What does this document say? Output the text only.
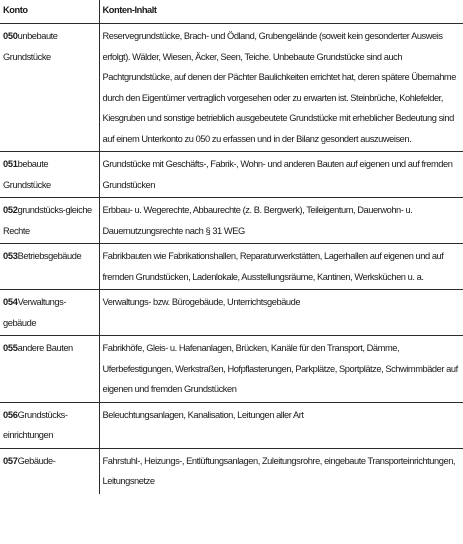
Konto	Konten-Inhalt
050unbebaute Grundstücke	Reservegrundstücke, Brach- und Ödland, Grubengelände (soweit kein gesonderter Ausweis erfolgt). Wälder, Wiesen, Äcker, Seen, Teiche. Unbebaute Grundstücke sind auch Pachtgrundstücke, auf denen der Pächter Baulichkeiten errichtet hat, deren spätere Übernahme durch den Eigentümer vertraglich vorgesehen oder zu erwarten ist. Steinbrüche, Kohlefelder, Kiesgruben und sonstige betrieblich ausgebeutete Grundstücke mit erheblicher Bedeutung sind auf einem Unterkonto zu 050 zu erfassen und in der Bilanz gesondert auszuweisen.
051bebaute Grundstücke	Grundstücke mit Geschäfts-, Fabrik-, Wohn- und anderen Bauten auf eigenen und auf fremden Grundstücken
052grundstücks-gleiche Rechte	Erbbau- u. Wegerechte, Abbaurechte (z. B. Bergwerk), Teileigentum, Dauerwohn- u. Dauernutzungsrechte nach § 31 WEG
053Betriebsgebäude	Fabrikbauten wie Fabrikationshallen, Reparaturwerkstätten, Lagerhallen auf eigenen und auf fremden Grundstücken, Ladenlokale, Ausstellungsräume, Kantinen, Werksküchen u. a.
054Verwaltungs-gebäude	Verwaltungs- bzw. Bürogebäude, Unterrichtsgebäude
055andere Bauten	Fabrikhöfe, Gleis- u. Hafenanlagen, Brücken, Kanäle für den Transport, Dämme, Uferbefestigungen, Werkstraßen, Hofpflasterungen, Parkplätze, Sportplätze, Schwimmbäder auf eigenen und fremden Grundstücken
056Grundstücks-einrichtungen	Beleuchtungsanlagen, Kanalisation, Leitungen aller Art
057Gebäude-	Fahrstuhl-, Heizungs-, Entlüftungsanlagen, Zuleitungsrohre, eingebaute Transporteinrichtungen, Leitungsnetze
